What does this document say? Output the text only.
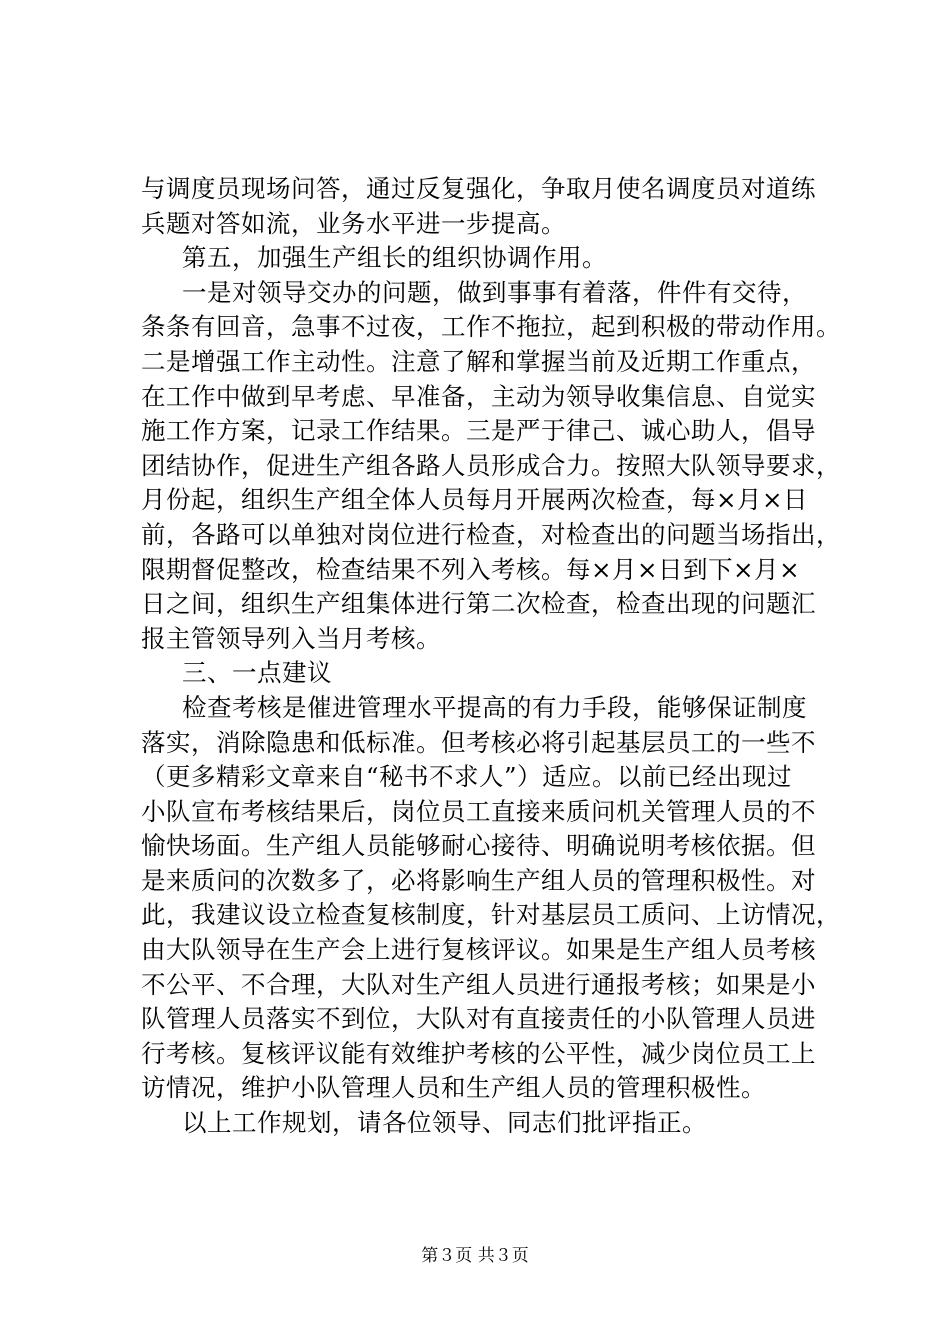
与调度员现场问答，通过反复强化，争取月使名调度员对道练
兵题对答如流，业务水平进一步提高。
第五，加强生产组长的组织协调作用。
一是对领导交办的问题，做到事事有着落，件件有交待，
条条有回音，急事不过夜，工作不拖拉，起到积极的带动作用。
二是增强工作主动性。注意了解和掌握当前及近期工作重点，
在工作中做到早考虑、早准备，主动为领导收集信息、自觉实
施工作方案，记录工作结果。三是严于律己、诚心助人，倡导
团结协作，促进生产组各路人员形成合力。按照大队领导要求，
月份起，组织生产组全体人员每月开展两次检查，每×月×日
前，各路可以单独对岗位进行检查，对检查出的问题当场指出，
限期督促整改，检查结果不列入考核。每×月×日到下×月×
日之间，组织生产组集体进行第二次检查，检查出现的问题汇
报主管领导列入当月考核。
三、一点建议
检查考核是催进管理水平提高的有力手段，能够保证制度
落实，消除隐患和低标准。但考核必将引起基层员工的一些不
（更多精彩文章来自“秘书不求人”）适应。以前已经出现过
小队宣布考核结果后，岗位员工直接来质问机关管理人员的不
愉快场面。生产组人员能够耐心接待、明确说明考核依据。但
是来质问的次数多了，必将影响生产组人员的管理积极性。对
此，我建议设立检查复核制度，针对基层员工质问、上访情况，
由大队领导在生产会上进行复核评议。如果是生产组人员考核
不公平、不合理，大队对生产组人员进行通报考核；如果是小
队管理人员落实不到位，大队对有直接责任的小队管理人员进
行考核。复核评议能有效维护考核的公平性，减少岗位员工上
访情况，维护小队管理人员和生产组人员的管理积极性。
以上工作规划，请各位领导、同志们批评指正。
第３页 共３页
